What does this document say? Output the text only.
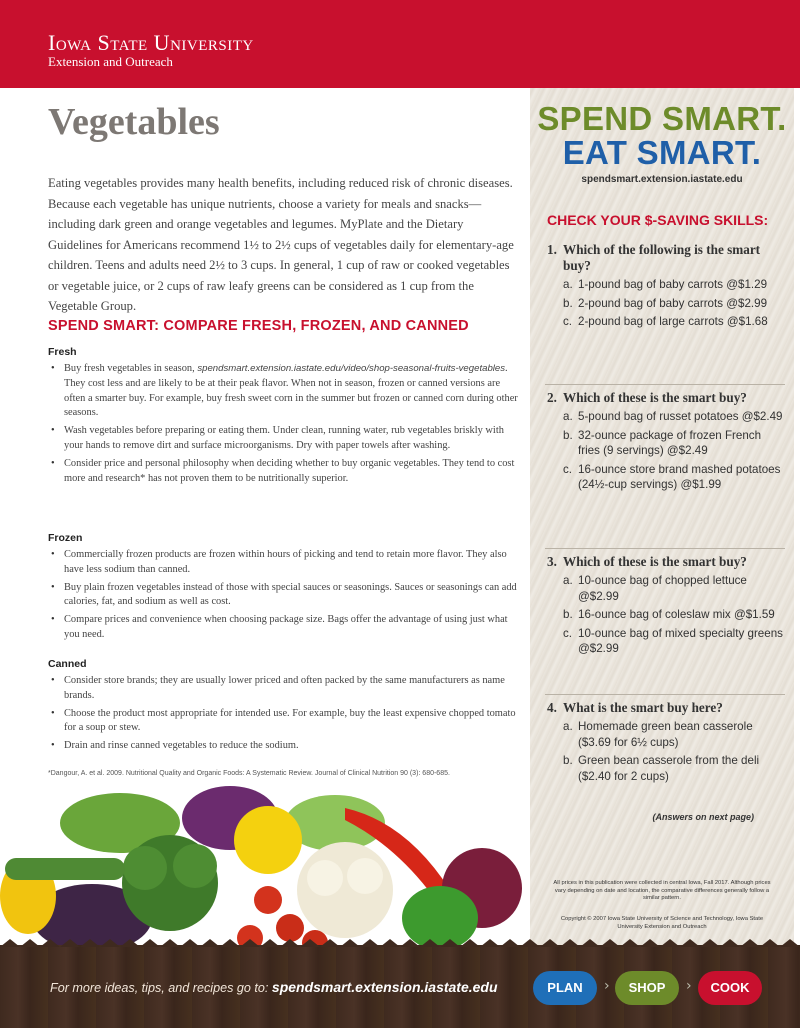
Iowa State University
Extension and Outreach
Vegetables

Eating vegetables provides many health benefits, including reduced risk of chronic diseases. Because each vegetable has unique nutrients, choose a variety for meals and snacks—including dark green and orange vegetables and legumes. MyPlate and the Dietary Guidelines for Americans recommend 1½ to 2½ cups of vegetables daily for elementary-age children. Teens and adults need 2½ to 3 cups. In general, 1 cup of raw or cooked vegetables or vegetable juice, or 2 cups of raw leafy greens can be considered as 1 cup from the Vegetable Group.

SPEND SMART: COMPARE FRESH, FROZEN, AND CANNED
Fresh
• Buy fresh vegetables in season, spendsmart.extension.iastate.edu/video/shop-seasonal-fruits-vegetables. They cost less and are likely to be at their peak flavor. When not in season, frozen or canned versions are often a smarter buy. For example, buy fresh sweet corn in the summer but frozen or canned corn during other seasons.
• Wash vegetables before preparing or eating them. Under clean, running water, rub vegetables briskly with your hands to remove dirt and surface microorganisms. Dry with paper towels after washing.
• Consider price and personal philosophy when deciding whether to buy organic vegetables. They tend to cost more and research* has not proven them to be nutritionally superior.
Frozen
• Commercially frozen products are frozen within hours of picking and tend to retain more flavor. They also have less sodium than canned.
• Buy plain frozen vegetables instead of those with special sauces or seasonings. Sauces or seasonings can add calories, fat, and sodium as well as cost.
• Compare prices and convenience when choosing package size. Bags offer the advantage of using just what you need.
Canned
• Consider store brands; they are usually lower priced and often packed by the same manufacturers as name brands.
• Choose the product most appropriate for intended use. For example, buy the least expensive chopped tomato for a soup or stew.
• Drain and rinse canned vegetables to reduce the sodium.
*Dangour, A. et al. 2009. Nutritional Quality and Organic Foods: A Systematic Review. Journal of Clinical Nutrition 90 (3): 680-685.
SPEND SMART.
EAT SMART.
spendsmart.extension.iastate.edu
CHECK YOUR $-SAVING SKILLS:
1. Which of the following is the smart buy?
a. 1-pound bag of baby carrots @$1.29
b. 2-pound bag of baby carrots @$2.99
c. 2-pound bag of large carrots @$1.68
2. Which of these is the smart buy?
a. 5-pound bag of russet potatoes @$2.49
b. 32-ounce package of frozen French fries (9 servings) @$2.49
c. 16-ounce store brand mashed potatoes (24½-cup servings) @$1.99
3. Which of these is the smart buy?
a. 10-ounce bag of chopped lettuce @$2.99
b. 16-ounce bag of coleslaw mix @$1.59
c. 10-ounce bag of mixed specialty greens @$2.99
4. What is the smart buy here?
a. Homemade green bean casserole ($3.69 for 6½ cups)
b. Green bean casserole from the deli ($2.40 for 2 cups)
(Answers on next page)
All prices in this publication were collected in central Iowa, Fall 2017. Although prices vary depending on date and location, the comparative differences generally follow a similar pattern.
Copyright © 2007 Iowa State University of Science and Technology, Iowa State University Extension and Outreach
For more ideas, tips, and recipes go to: spendsmart.extension.iastate.edu	PLAN	›	SHOP	›	COOK
